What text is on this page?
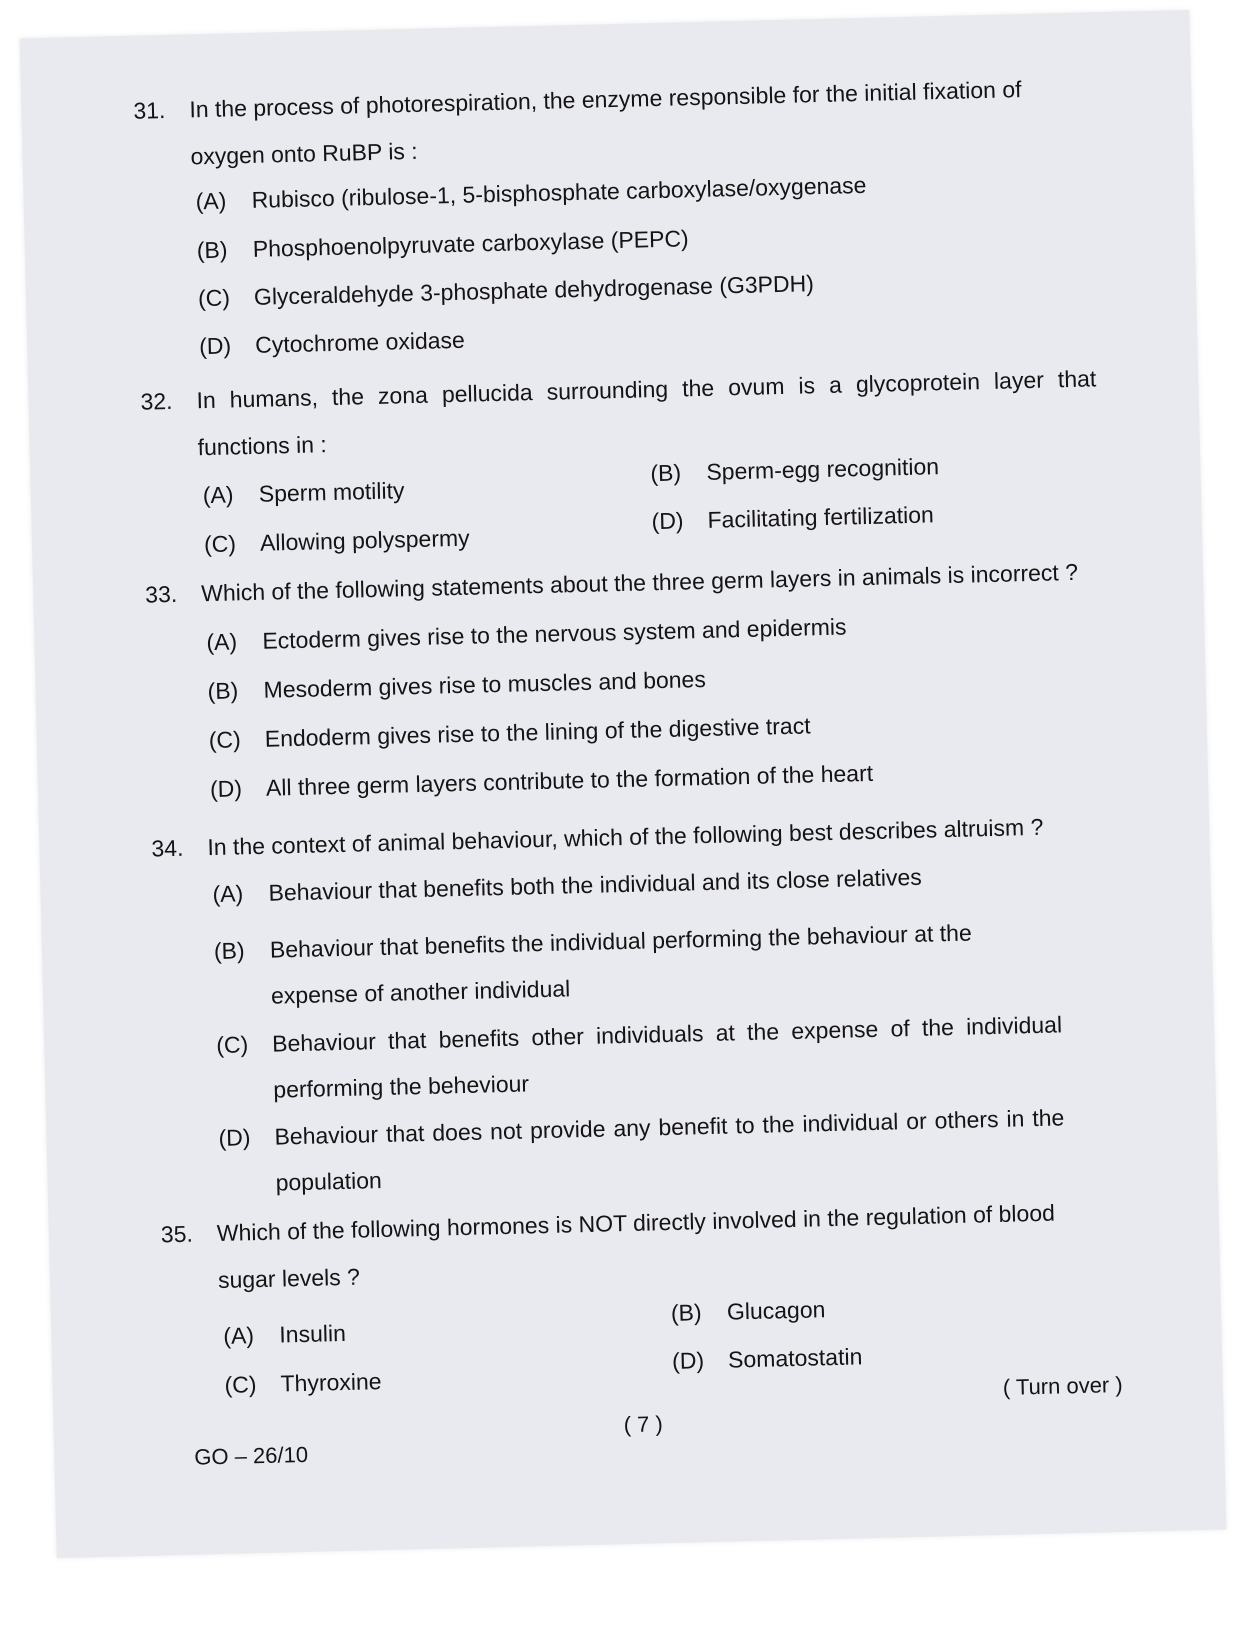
31.	In the process of photorespiration, the enzyme responsible for the initial fixation of oxygen onto RuBP is :
(A)	Rubisco (ribulose-1, 5-bisphosphate carboxylase/oxygenase
(B)	Phosphoenolpyruvate carboxylase (PEPC)
(C)	Glyceraldehyde 3-phosphate dehydrogenase (G3PDH)
(D)	Cytochrome oxidase
32.	In humans, the zona pellucida surrounding the ovum is a glycoprotein layer that functions in :
(A)	Sperm motility
(B)	Sperm-egg recognition
(C)	Allowing polyspermy
(D)	Facilitating fertilization
33.	Which of the following statements about the three germ layers in animals is incorrect ?
(A)	Ectoderm gives rise to the nervous system and epidermis
(B)	Mesoderm gives rise to muscles and bones
(C)	Endoderm gives rise to the lining of the digestive tract
(D)	All three germ layers contribute to the formation of the heart
34.	In the context of animal behaviour, which of the following best describes altruism ?
(A)	Behaviour that benefits both the individual and its close relatives
(B)	Behaviour that benefits the individual performing the behaviour at the expense of another individual
(C)	Behaviour that benefits other individuals at the expense of the individual performing the beheviour
(D)	Behaviour that does not provide any benefit to the individual or others in the population
35.	Which of the following hormones is NOT directly involved in the regulation of blood sugar levels ?
(A)	Insulin
(B)	Glucagon
(C)	Thyroxine
(D)	Somatostatin
( Turn over )
( 7 )
GO – 26/10
